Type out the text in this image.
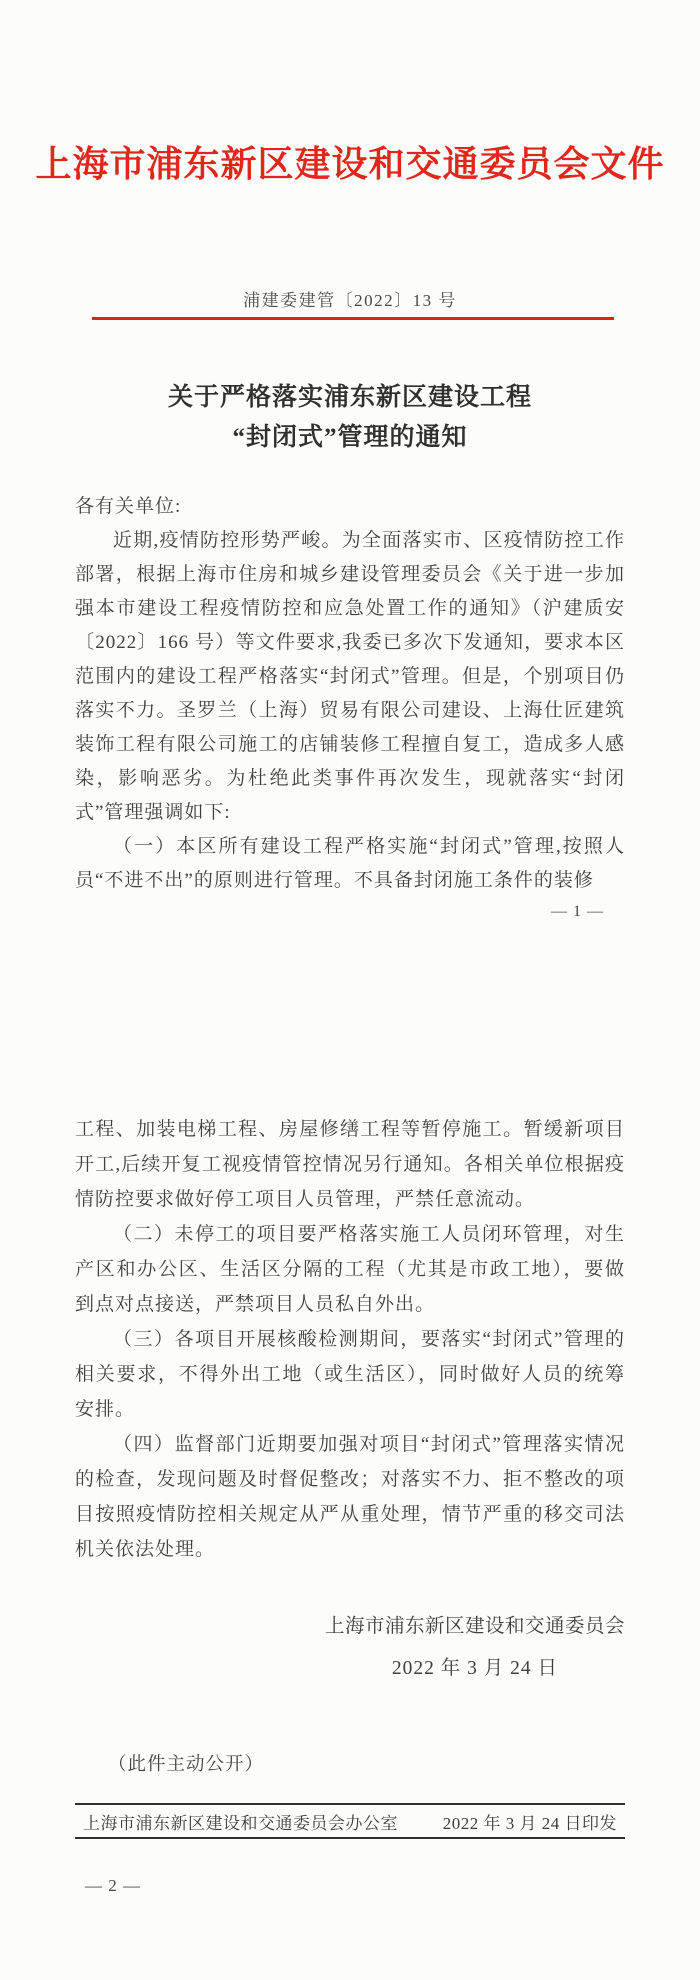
上海市浦东新区建设和交通委员会文件
浦建委建管〔2022〕13 号
关于严格落实浦东新区建设工程
“封闭式”管理的通知

各有关单位:

近期,疫情防控形势严峻。为全面落实市、区疫情防控工作部署，根据上海市住房和城乡建设管理委员会《关于进一步加强本市建设工程疫情防控和应急处置工作的通知》（沪建质安〔2022〕166 号）等文件要求,我委已多次下发通知，要求本区范围内的建设工程严格落实“封闭式”管理。但是，个别项目仍落实不力。圣罗兰（上海）贸易有限公司建设、上海仕匠建筑装饰工程有限公司施工的店铺装修工程擅自复工，造成多人感染，影响恶劣。为杜绝此类事件再次发生，现就落实“封闭式”管理强调如下:

（一）本区所有建设工程严格实施“封闭式”管理,按照人员“不进不出”的原则进行管理。不具备封闭施工条件的装修

— 1 —

工程、加装电梯工程、房屋修缮工程等暂停施工。暂缓新项目开工,后续开复工视疫情管控情况另行通知。各相关单位根据疫情防控要求做好停工项目人员管理，严禁任意流动。

（二）未停工的项目要严格落实施工人员闭环管理，对生产区和办公区、生活区分隔的工程（尤其是市政工地），要做到点对点接送，严禁项目人员私自外出。

（三）各项目开展核酸检测期间，要落实“封闭式”管理的相关要求，不得外出工地（或生活区），同时做好人员的统筹安排。

（四）监督部门近期要加强对项目“封闭式”管理落实情况的检查，发现问题及时督促整改；对落实不力、拒不整改的项目按照疫情防控相关规定从严从重处理，情节严重的移交司法机关依法处理。

上海市浦东新区建设和交通委员会
2022 年 3 月 24 日
（此件主动公开）
上海市浦东新区建设和交通委员会办公室	2022 年 3 月 24 日印发
— 2 —
